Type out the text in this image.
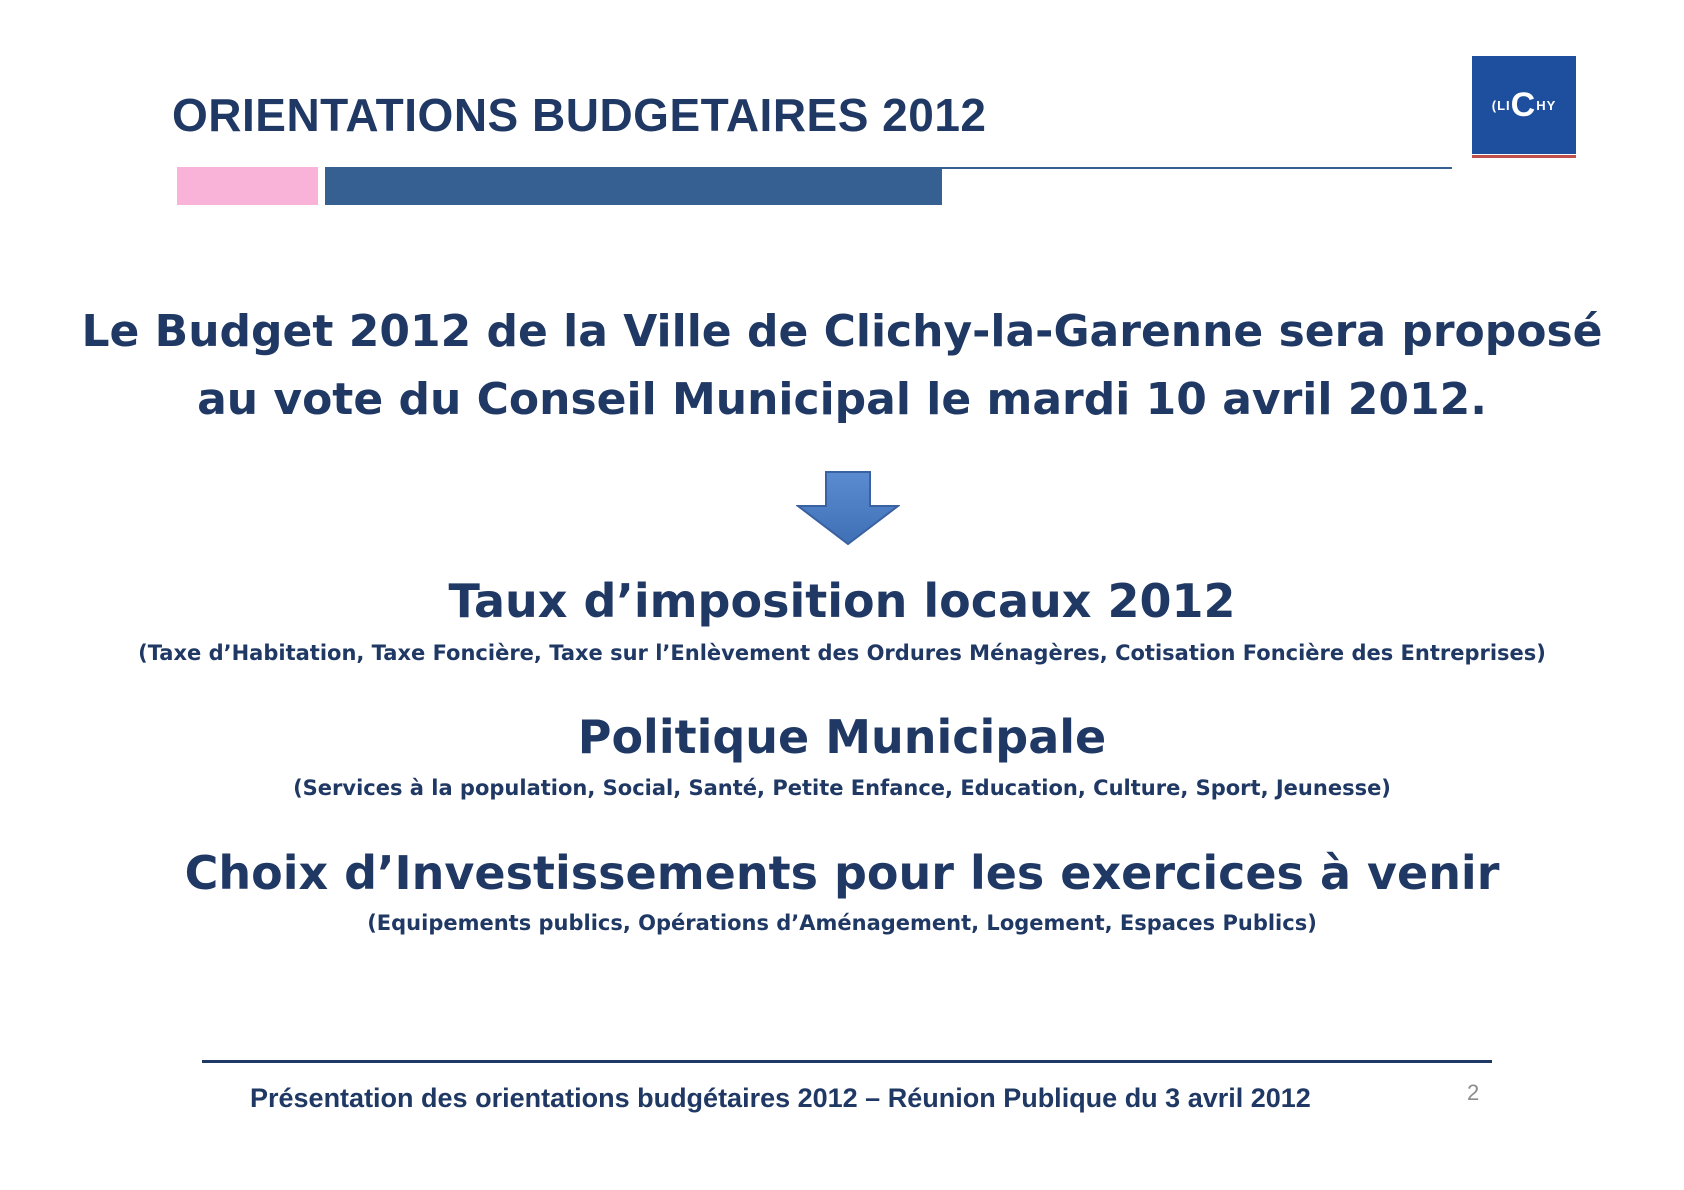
ORIENTATIONS BUDGETAIRES 2012	(LICHY
Le Budget 2012 de la Ville de Clichy-la-Garenne sera proposé
au vote du Conseil Municipal le mardi 10 avril 2012.
Taux d’imposition locaux 2012
(Taxe d’Habitation, Taxe Foncière, Taxe sur l’Enlèvement des Ordures Ménagères, Cotisation Foncière des Entreprises)
Politique Municipale
(Services à la population, Social, Santé, Petite Enfance, Education, Culture, Sport, Jeunesse)
Choix d’Investissements pour les exercices à venir
(Equipements publics, Opérations d’Aménagement, Logement, Espaces Publics)
Présentation des orientations budgétaires 2012 – Réunion Publique du 3 avril 2012	2
